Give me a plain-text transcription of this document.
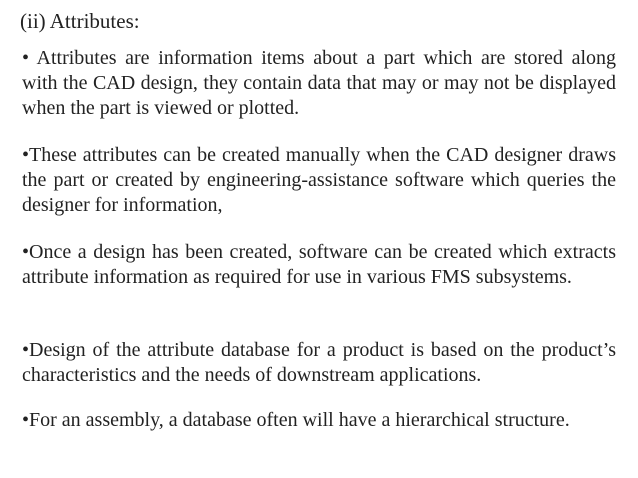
(ii) Attributes:

• Attributes are information items about a part which are stored along with the CAD design, they contain data that may or may not be displayed when the part is viewed or plotted.

•These attributes can be created manually when the CAD designer draws the part or created by engineering-assistance software which queries the designer for information,

•Once a design has been created, software can be created which extracts attribute information as required for use in various FMS subsystems.

•Design of the attribute database for a product is based on the product’s characteristics and the needs of downstream applications.

•For an assembly, a database often will have a hierarchical structure.
